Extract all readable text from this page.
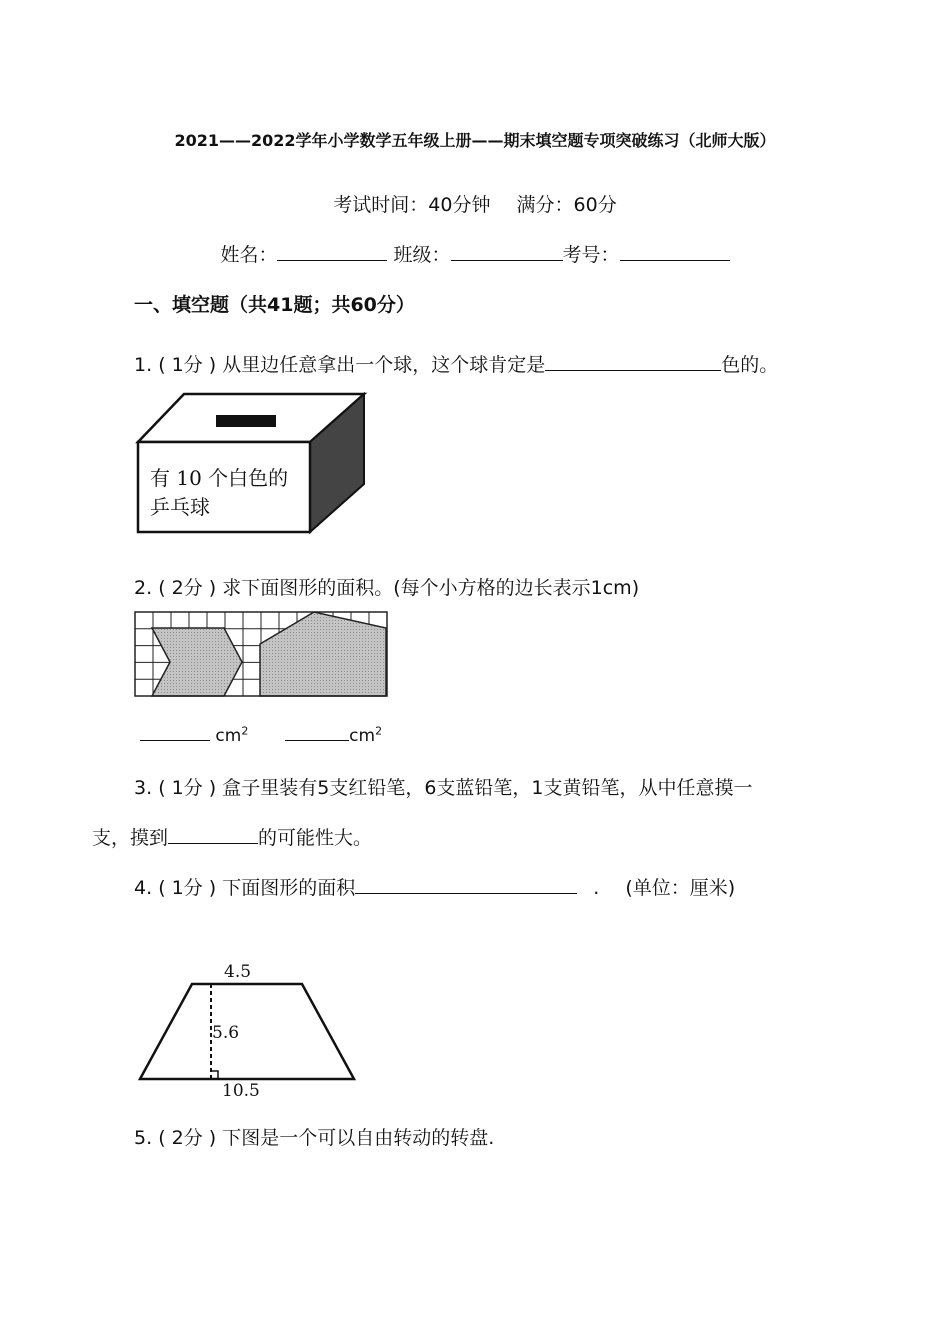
2021——2022学年小学数学五年级上册——期末填空题专项突破练习（北师大版）
考试时间：40分钟 满分：60分
姓名：	班级：	考号：
一、填空题（共41题；共60分）
1. ( 1分 ) 从里边任意拿出一个球，这个球肯定是	色的。
有 10 个白色的
乒乓球
2. ( 2分 ) 求下面图形的面积。(每个小方格的边长表示1cm)
$cm^2$	$cm^2$
3. ( 1分 ) 盒子里装有5支红铅笔，6支蓝铅笔，1支黄铅笔，从中任意摸一
支，摸到	的可能性大。
4. ( 1分 ) 下面图形的面积	. (单位：厘米)
4.5
5.6
10.5
5. ( 2分 ) 下图是一个可以自由转动的转盘.
